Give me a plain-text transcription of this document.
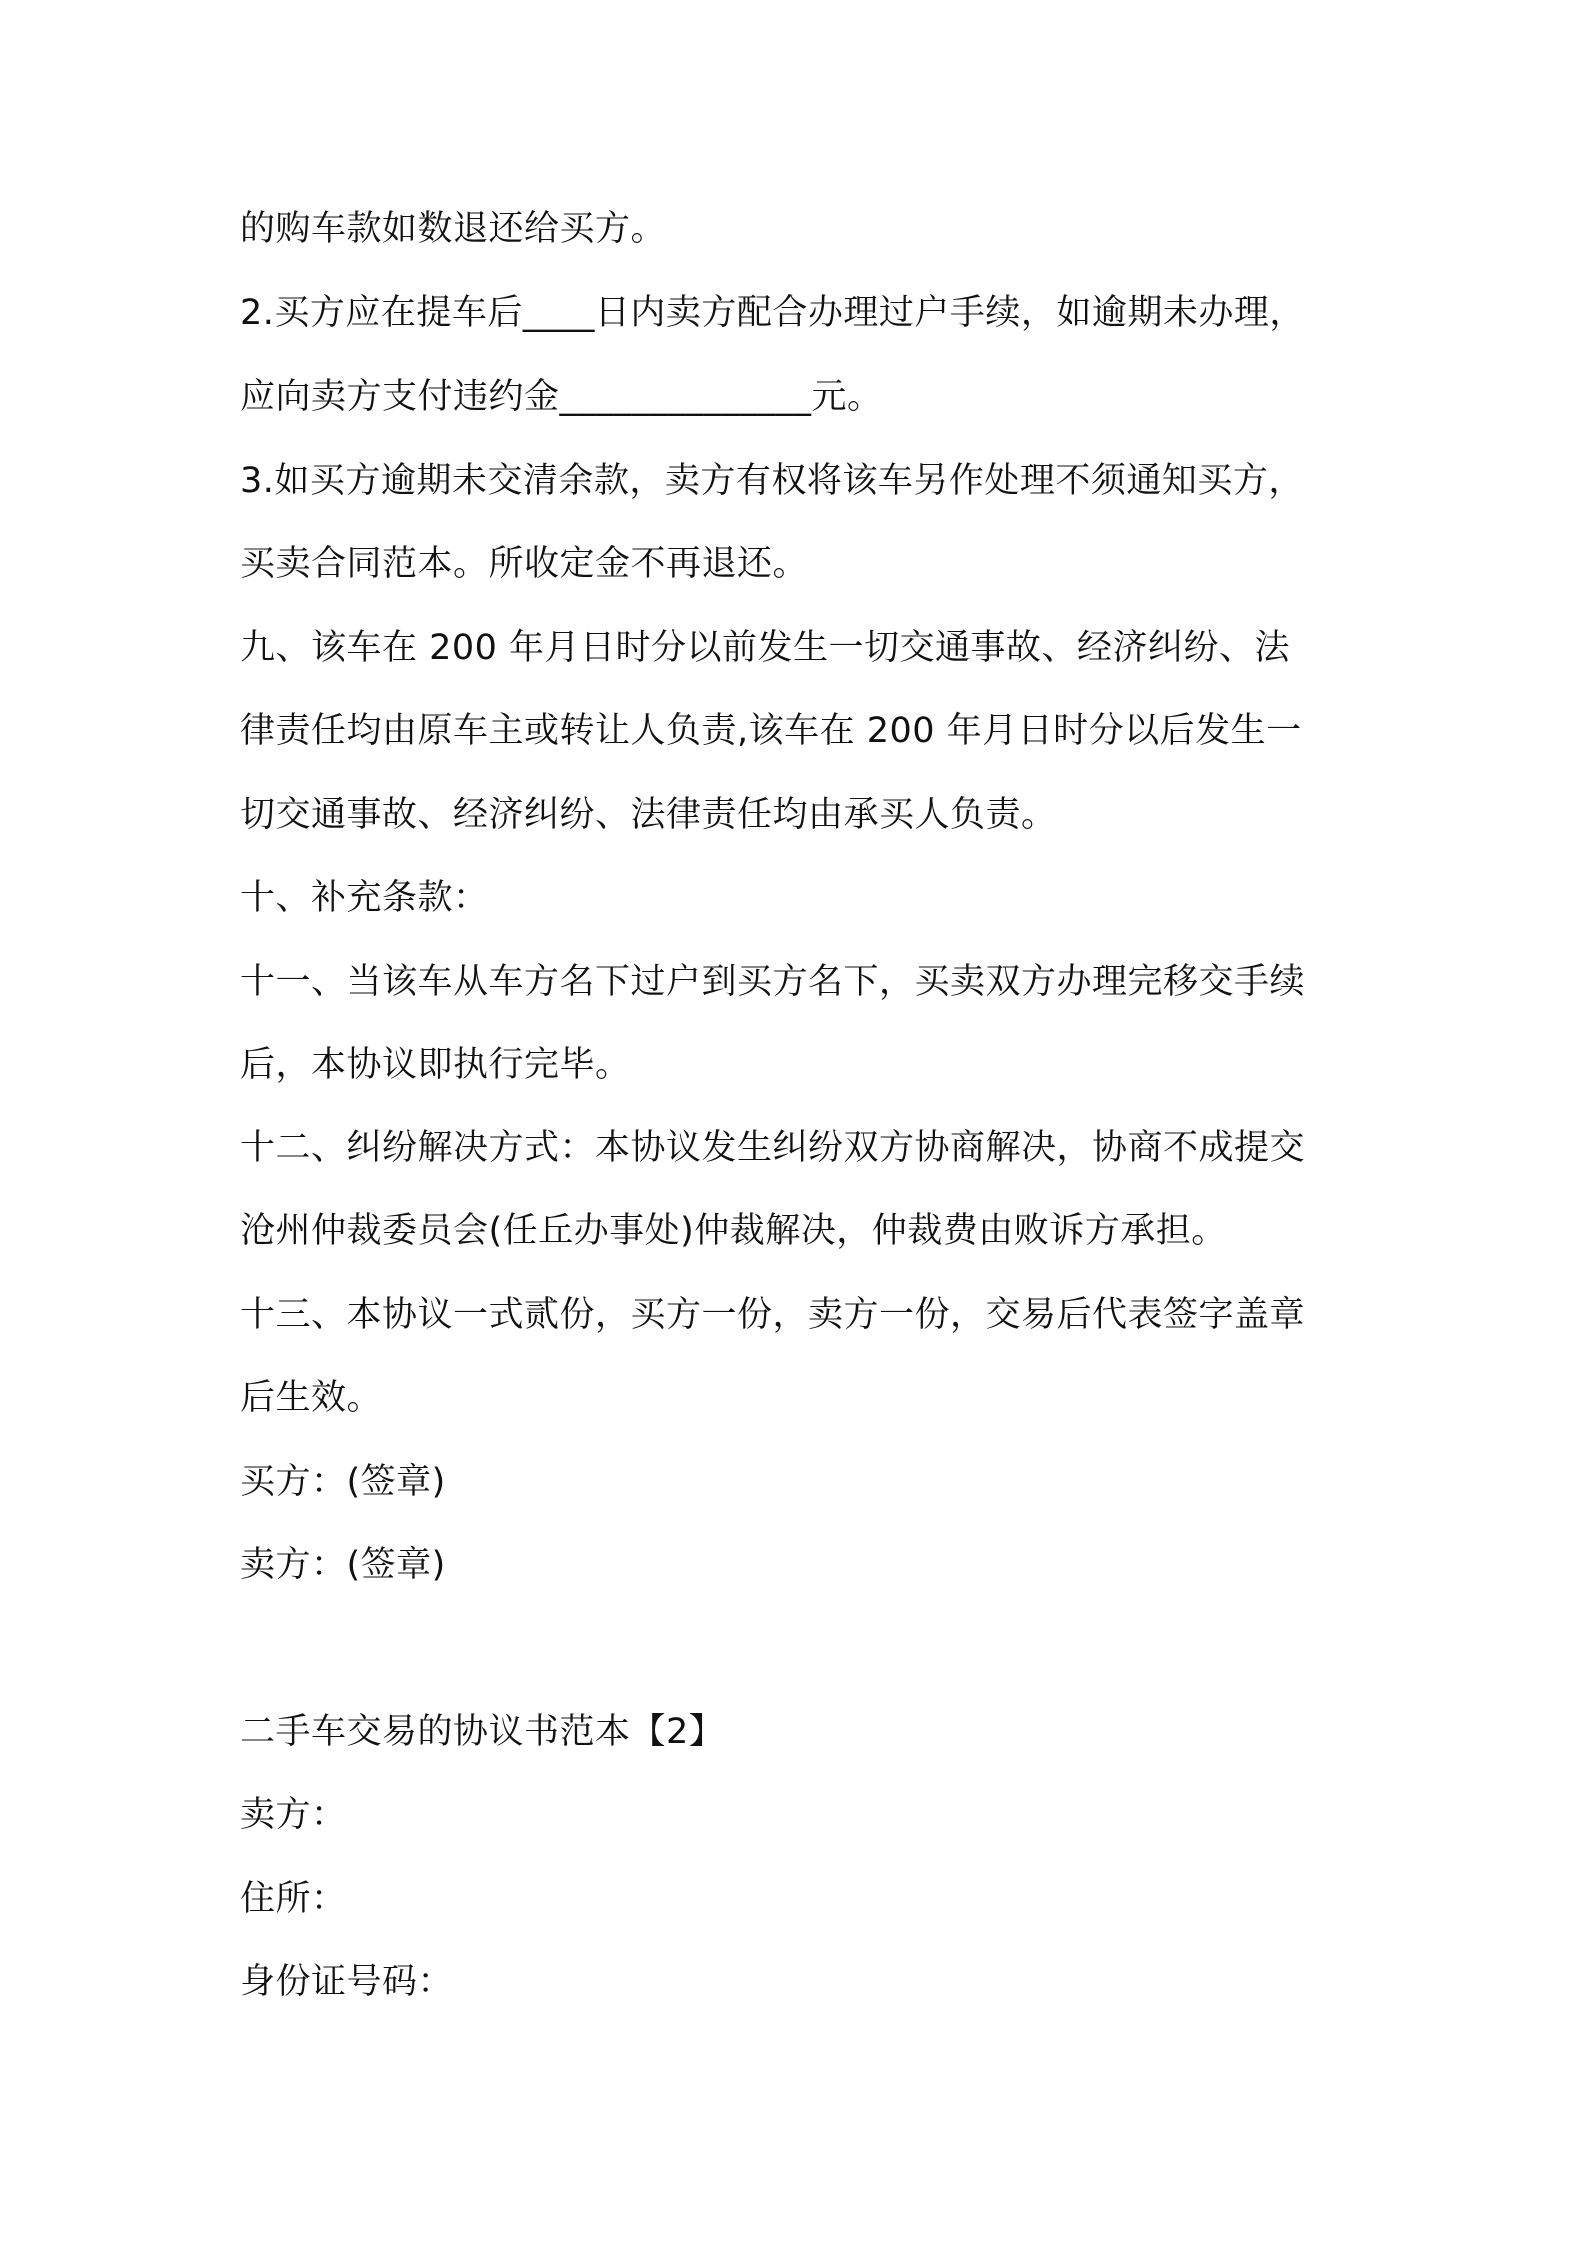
的购车款如数退还给买方。
2.买方应在提车后____日内卖方配合办理过户手续，如逾期未办理，
应向卖方支付违约金______________元。
3.如买方逾期未交清余款，卖方有权将该车另作处理不须通知买方，
买卖合同范本。所收定金不再退还。
九、该车在 200 年月日时分以前发生一切交通事故、经济纠纷、法
律责任均由原车主或转让人负责,该车在 200 年月日时分以后发生一
切交通事故、经济纠纷、法律责任均由承买人负责。
十、补充条款：
十一、当该车从车方名下过户到买方名下，买卖双方办理完移交手续
后，本协议即执行完毕。
十二、纠纷解决方式：本协议发生纠纷双方协商解决，协商不成提交
沧州仲裁委员会(任丘办事处)仲裁解决，仲裁费由败诉方承担。
十三、本协议一式贰份，买方一份，卖方一份，交易后代表签字盖章
后生效。
买方：(签章)
卖方：(签章)
二手车交易的协议书范本【2】
卖方：
住所：
身份证号码：
